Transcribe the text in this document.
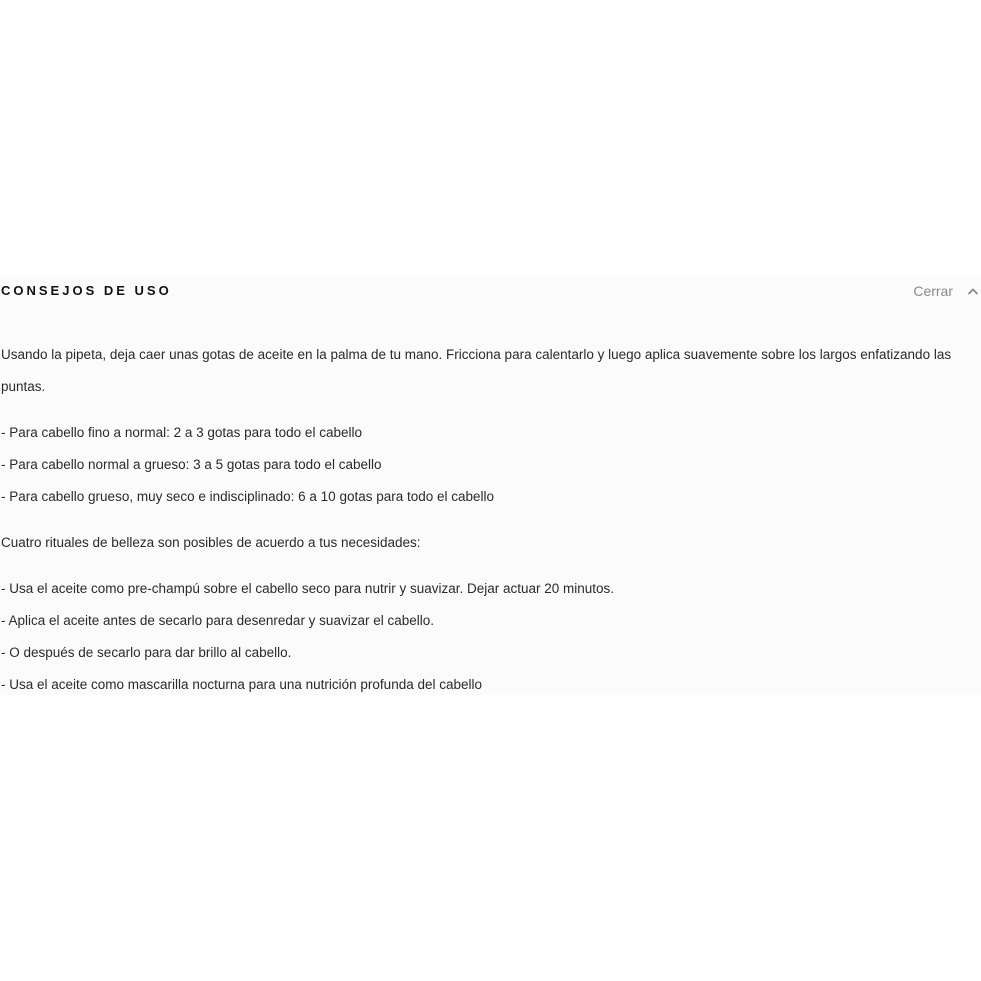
CONSEJOS DE USO	Cerrar

Usando la pipeta, deja caer unas gotas de aceite en la palma de tu mano. Fricciona para calentarlo y luego aplica suavemente sobre los largos enfatizando las puntas.

- Para cabello fino a normal: 2 a 3 gotas para todo el cabello
- Para cabello normal a grueso: 3 a 5 gotas para todo el cabello
- Para cabello grueso, muy seco e indisciplinado: 6 a 10 gotas para todo el cabello

Cuatro rituales de belleza son posibles de acuerdo a tus necesidades:

- Usa el aceite como pre-champú sobre el cabello seco para nutrir y suavizar. Dejar actuar 20 minutos.
- Aplica el aceite antes de secarlo para desenredar y suavizar el cabello.
- O después de secarlo para dar brillo al cabello.
- Usa el aceite como mascarilla nocturna para una nutrición profunda del cabello
